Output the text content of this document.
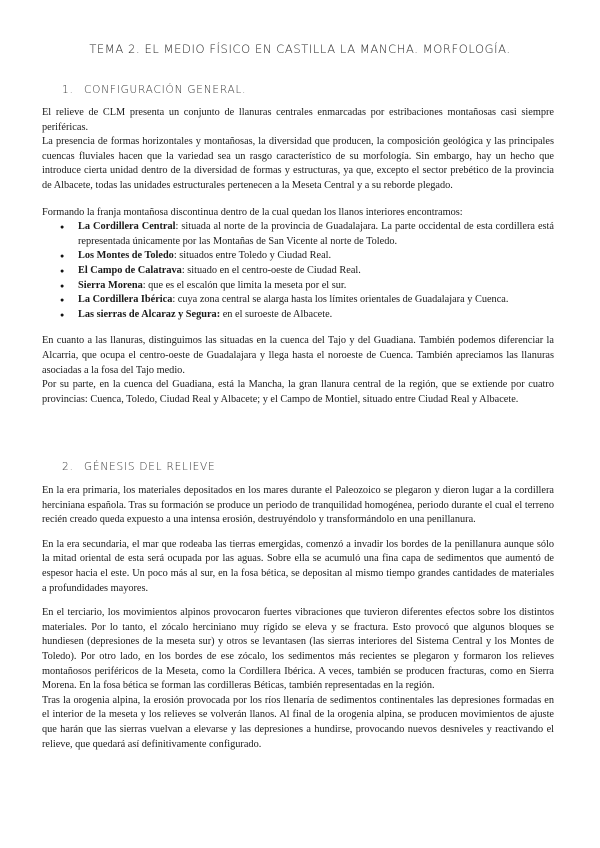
TEMA 2. EL MEDIO FÍSICO EN CASTILLA LA MANCHA. MORFOLOGÍA.
1. CONFIGURACIÓN GENERAL.

El relieve de CLM presenta un conjunto de llanuras centrales enmarcadas por estribaciones montañosas casi siempre periféricas.

La presencia de formas horizontales y montañosas, la diversidad que producen, la composición geológica y las principales cuencas fluviales hacen que la variedad sea un rasgo característico de su morfología. Sin embargo, hay un hecho que introduce cierta unidad dentro de la diversidad de formas y estructuras, ya que, excepto el sector prebético de la provincia de Albacete, todas las unidades estructurales pertenecen a la Meseta Central y a su reborde plegado.

Formando la franja montañosa discontinua dentro de la cual quedan los llanos interiores encontramos:

● La Cordillera Central: situada al norte de la provincia de Guadalajara. La parte occidental de esta cordillera está representada únicamente por las Montañas de San Vicente al norte de Toledo.
● Los Montes de Toledo: situados entre Toledo y Ciudad Real.
● El Campo de Calatrava: situado en el centro-oeste de Ciudad Real.
● Sierra Morena: que es el escalón que limita la meseta por el sur.
● La Cordillera Ibérica: cuya zona central se alarga hasta los límites orientales de Guadalajara y Cuenca.
● Las sierras de Alcaraz y Segura: en el suroeste de Albacete.

En cuanto a las llanuras, distinguimos las situadas en la cuenca del Tajo y del Guadiana. También podemos diferenciar la Alcarria, que ocupa el centro-oeste de Guadalajara y llega hasta el noroeste de Cuenca. También apreciamos las llanuras asociadas a la fosa del Tajo medio.

Por su parte, en la cuenca del Guadiana, está la Mancha, la gran llanura central de la región, que se extiende por cuatro provincias: Cuenca, Toledo, Ciudad Real y Albacete; y el Campo de Montiel, situado entre Ciudad Real y Albacete.

2. GÉNESIS DEL RELIEVE

En la era primaria, los materiales depositados en los mares durante el Paleozoico se plegaron y dieron lugar a la cordillera herciniana española. Tras su formación se produce un periodo de tranquilidad homogénea, periodo durante el cual el terreno recién creado queda expuesto a una intensa erosión, destruyéndolo y transformándolo en una penillanura.

En la era secundaria, el mar que rodeaba las tierras emergidas, comenzó a invadir los bordes de la penillanura aunque sólo la mitad oriental de esta será ocupada por las aguas. Sobre ella se acumuló una fina capa de sedimentos que aumentó de espesor hacia el este. Un poco más al sur, en la fosa bética, se depositan al mismo tiempo grandes cantidades de materiales a profundidades mayores.

En el terciario, los movimientos alpinos provocaron fuertes vibraciones que tuvieron diferentes efectos sobre los distintos materiales. Por lo tanto, el zócalo herciniano muy rígido se eleva y se fractura. Esto provocó que algunos bloques se hundiesen (depresiones de la meseta sur) y otros se levantasen (las sierras interiores del Sistema Central y los Montes de Toledo). Por otro lado, en los bordes de ese zócalo, los sedimentos más recientes se plegaron y formaron los relieves montañosos periféricos de la Meseta, como la Cordillera Ibérica. A veces, también se producen fracturas, como en Sierra Morena. En la fosa bética se forman las cordilleras Béticas, también representadas en la región.

Tras la orogenia alpina, la erosión provocada por los ríos llenaría de sedimentos continentales las depresiones formadas en el interior de la meseta y los relieves se volverán llanos. Al final de la orogenia alpina, se producen movimientos de ajuste que harán que las sierras vuelvan a elevarse y las depresiones a hundirse, provocando nuevos desniveles y reactivando el relieve, que quedará así definitivamente configurado.
